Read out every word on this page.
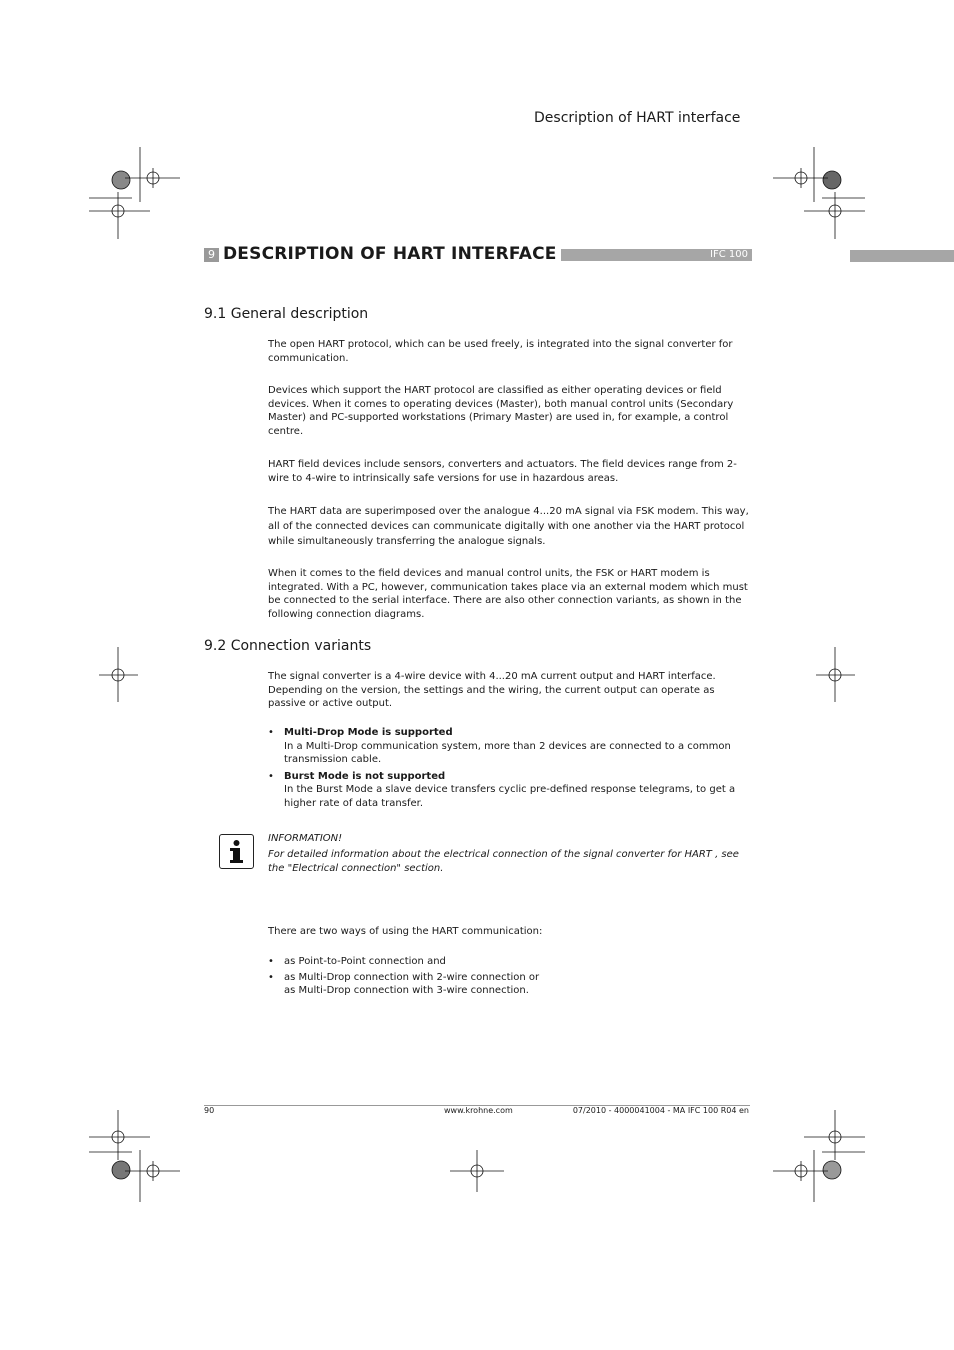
Description of HART interface
9 DESCRIPTION OF HART INTERFACE	IFC 100
9.1 General description
The open HART protocol, which can be used freely, is integrated into the signal converter for communication.
Devices which support the HART protocol are classified as either operating devices or field devices. When it comes to operating devices (Master), both manual control units (Secondary Master) and PC-supported workstations (Primary Master) are used in, for example, a control centre.
HART field devices include sensors, converters and actuators. The field devices range from 2-wire to 4-wire to intrinsically safe versions for use in hazardous areas.
The HART data are superimposed over the analogue 4...20 mA signal via FSK modem. This way, all of the connected devices can communicate digitally with one another via the HART protocol while simultaneously transferring the analogue signals.
When it comes to the field devices and manual control units, the FSK or HART modem is integrated. With a PC, however, communication takes place via an external modem which must be connected to the serial interface. There are also other connection variants, as shown in the following connection diagrams.
9.2 Connection variants
The signal converter is a 4-wire device with 4...20 mA current output and HART interface. Depending on the version, the settings and the wiring, the current output can operate as passive or active output.
• Multi-Drop Mode is supported
In a Multi-Drop communication system, more than 2 devices are connected to a common transmission cable.
• Burst Mode is not supported
In the Burst Mode a slave device transfers cyclic pre-defined response telegrams, to get a higher rate of data transfer.
INFORMATION!
For detailed information about the electrical connection of the signal converter for HART , see the "Electrical connection" section.
There are two ways of using the HART communication:
• as Point-to-Point connection and
• as Multi-Drop connection with 2-wire connection or
as Multi-Drop connection with 3-wire connection.
90	www.krohne.com	07/2010 - 4000041004 - MA IFC 100 R04 en
